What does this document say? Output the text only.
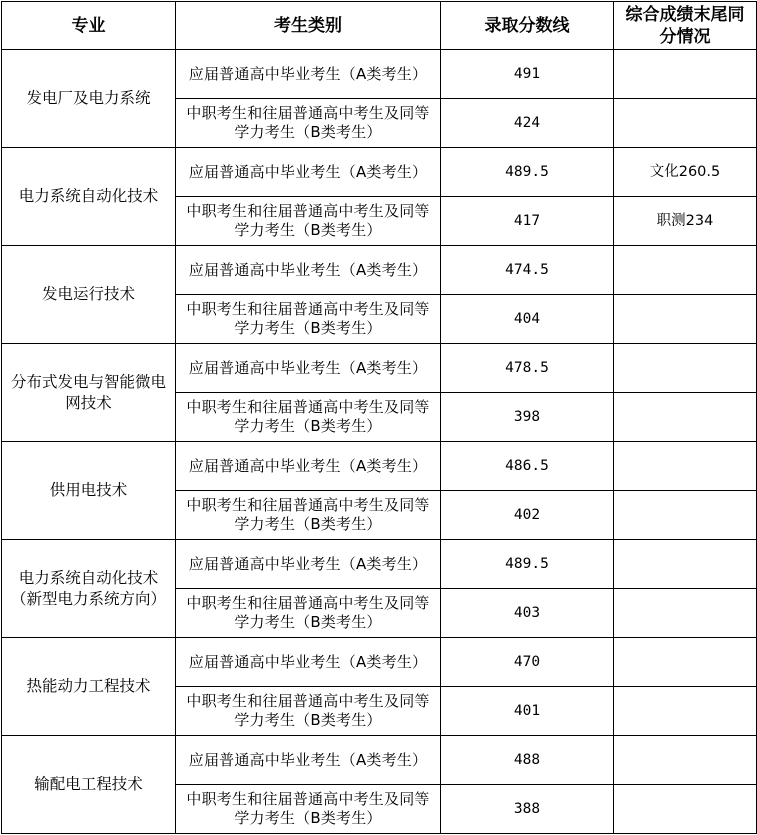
专业	考生类别	录取分数线	综合成绩末尾同分情况
发电厂及电力系统	应届普通高中毕业考生（A类考生）	491	
	中职考生和往届普通高中考生及同等学力考生（B类考生）	424	
电力系统自动化技术	应届普通高中毕业考生（A类考生）	489.5	文化260.5
	中职考生和往届普通高中考生及同等学力考生（B类考生）	417	职测234
发电运行技术	应届普通高中毕业考生（A类考生）	474.5	
	中职考生和往届普通高中考生及同等学力考生（B类考生）	404	
分布式发电与智能微电网技术	应届普通高中毕业考生（A类考生）	478.5	
	中职考生和往届普通高中考生及同等学力考生（B类考生）	398	
供用电技术	应届普通高中毕业考生（A类考生）	486.5	
	中职考生和往届普通高中考生及同等学力考生（B类考生）	402	
电力系统自动化技术（新型电力系统方向）	应届普通高中毕业考生（A类考生）	489.5	
	中职考生和往届普通高中考生及同等学力考生（B类考生）	403	
热能动力工程技术	应届普通高中毕业考生（A类考生）	470	
	中职考生和往届普通高中考生及同等学力考生（B类考生）	401	
输配电工程技术	应届普通高中毕业考生（A类考生）	488	
	中职考生和往届普通高中考生及同等学力考生（B类考生）	388	
